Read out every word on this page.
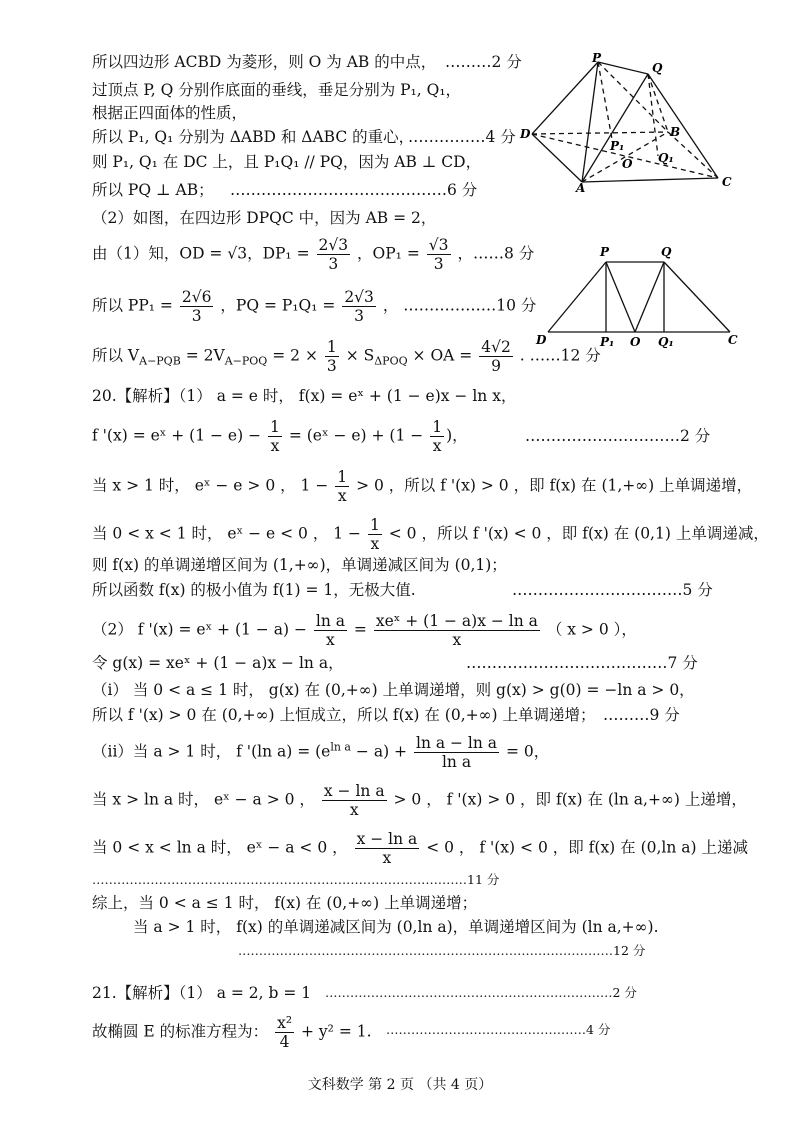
所以四边形 ACBD 为菱形，则 O 为 AB 的中点， ………2 分
过顶点 P, Q 分别作底面的垂线，垂足分别为 P₁, Q₁，
根据正四面体的性质，
所以 P₁, Q₁ 分别为 ΔABD 和 ΔABC 的重心，
……………4 分
则 P₁, Q₁ 在 DC 上，且 P₁Q₁ // PQ，因为 AB ⊥ CD，
所以 PQ ⊥ AB； ……………………………………6 分
（2）如图，在四边形 DPQC 中，因为 AB = 2，
由（1）知，OD = √3，$DP_1 = \frac{2√3}{3}$ ，$OP_1 = \frac{√3}{3}$ ，……8 分
所以 $PP_1 = \frac{2√6}{3}$ ，PQ = $P_1Q_1 = \frac{2√3}{3}$ ， ………………10 分
所以 $V_{A-PQB} = 2V_{A-POQ} = 2 \times \frac{1}{3} \times S_{\Delta POQ}$ × OA = $\frac{4√2}{9}$ . ……12 分
P
Q
D	B
P₁
Q₁
O
A	C
P	Q
D	P₁ O Q₁	C
20.【解析】（1） a = e 时， f(x) = eˣ + (1 − e)x − ln x，
f '(x) = eˣ + $(1 - e) - \frac{1}{x}$ = (eˣ − $e) + (1 - \frac{1}{x}$ )，	…………………………2 分
当 x > 1 时， eˣ − e > 0 ， $1 - \frac{1}{x} > 0$ ，所以 f '(x) > 0 ，即 f(x) 在 (1,+∞) 上单调递增，
当 0 < x < 1 时， eˣ − e < 0 ， $1 - \frac{1}{x} < 0$ ，所以 f '(x) < 0 ，即 f(x) 在 (0,1) 上单调递减，
则 f(x) 的单调递增区间为 (1,+∞)，单调递减区间为 (0,1)；
所以函数 f(x) 的极小值为 f(1) = 1，无极大值.	……………………………5 分
（2） f '(x) = eˣ + $(1 - a) - \frac{\text{ln a}}{x} = \frac{\text{xeˣ + (1 − a)x − ln a}}{x}$ （ x > 0 ），
令 g(x) = xeˣ + (1 − a)x − ln a，	…………………………………7 分
（i） 当 0 < a ≤ 1 时， g(x) 在 (0,+∞) 上单调递增，则 g(x) > g(0) = −ln a > 0，
所以 f '(x) > 0 在 (0,+∞) 上恒成立，所以 f(x) 在 (0,+∞) 上单调递增； ………9 分
（ii）当 a > 1 时， f '(ln $a) = (e^{ln a} - a) + \frac{\text{ln a − ln a}}{\text{ln a}} = 0$，
当 x > ln a 时， eˣ − a > 0 ， $\frac{\text{x − ln a}}{x} > 0$ ， f '(x) > 0 ，即 f(x) 在 (ln a,+∞) 上递增，
当 0 < x < ln a 时， eˣ − a < 0 ， $\frac{\text{x − ln a}}{x} < 0$ ， f '(x) < 0 ，即 f(x) 在 (0,ln a) 上递减
………………………………………………………………………………11 分
综上，当 0 < a ≤ 1 时， f(x) 在 (0,+∞) 上单调递增；
当 a > 1 时， f(x) 的单调递减区间为 (0,ln a)，单调递增区间为 (ln a,+∞).
………………………………………………………………………………12 分
21.【解析】（1） a = 2, b = 1 ……………………………………………………………2 分
故椭圆 E 的标准方程为： $\frac{\text{x²}}{4} + y^2 = 1$. …………………………………………4 分
文科数学 第 2 页 （共 4 页）
